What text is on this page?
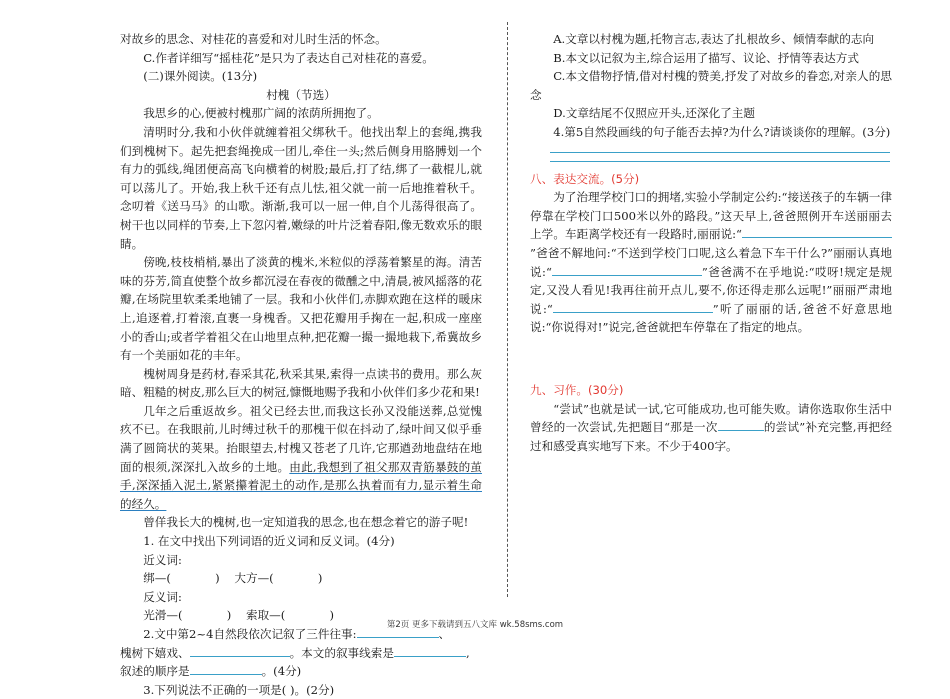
对故乡的思念、对桂花的喜爱和对儿时生活的怀念。

C.作者详细写“摇桂花”是只为了表达自己对桂花的喜爱。

(二)课外阅读。(13分)

村槐（节选）

我思乡的心,便被村槐那广阔的浓荫所拥抱了。

清明时分,我和小伙伴就缠着祖父绑秋千。他找出犁上的套绳,携我们到槐树下。起先把套绳挽成一团儿,牵住一头;然后侧身用胳膊划一个有力的弧线,绳团便高高飞向横着的树股;最后,打了结,绑了一截棍儿,就可以荡儿了。开始,我上秋千还有点儿怯,祖父就一前一后地推着秋千。念叨着《送马马》的山歌。渐渐,我可以一屈一伸,自个儿荡得很高了。树干也以同样的节奏,上下忽闪着,嫩绿的叶片泛着春阳,像无数欢乐的眼睛。

傍晚,枝枝梢梢,暴出了淡黄的槐米,米粒似的浮荡着繁星的海。清苦味的芬芳,简直使整个故乡都沉浸在春夜的微醺之中,清晨,被风摇落的花瓣,在场院里软柔柔地铺了一层。我和小伙伴们,赤脚欢跑在这样的暖床上,追逐着,打着滚,直裹一身槐香。又把花瓣用手掬在一起,积成一座座小的香山;或者学着祖父在山地里点种,把花瓣一撮一撮地栽下,希冀故乡有一个美丽如花的丰年。

槐树周身是药材,春采其花,秋采其果,索得一点读书的费用。那么灰暗、粗糙的树皮,那么巨大的树冠,慷慨地赐予我和小伙伴们多少花和果!

几年之后重返故乡。祖父已经去世,而我这长孙又没能送葬,总觉愧疚不已。在我眼前,儿时缚过秋千的那槐干似在抖动了,绿叶间又似乎垂满了圆筒状的荚果。抬眼望去,村槐又苍老了几许,它那遒劲地盘结在地面的根须,深深扎入故乡的土地。由此,我想到了祖父那双青筋暴鼓的茧手,深深插入泥土,紧紧攥着泥土的动作,是那么执着而有力,显示着生命的经久。

曾佯我长大的槐树,也一定知道我的思念,也在想念着它的游子呢!

1. 在文中找出下列词语的近义词和反义词。(4分)

近义词:

绑—(            )    大方—(            )

反义词:

光滑—(            )    索取—(            )

2.文中第2~4自然段依次记叙了三件往事:	、

槐树下嬉戏、	。本文的叙事线索是	,

叙述的顺序是	。(4分)

3.下列说法不正确的一项是( )。(2分)

A.文章以村槐为题,托物言志,表达了扎根故乡、倾情奉献的志向

B.本文以记叙为主,综合运用了描写、议论、抒情等表达方式

C.本文借物抒情,借对村槐的赞美,抒发了对故乡的眷恋,对亲人的思念

D.文章结尾不仅照应开头,还深化了主题

4.第5自然段画线的句子能否去掉?为什么?请谈谈你的理解。(3分)

八、表达交流。(5分)

为了治理学校门口的拥堵,实验小学制定公约:“接送孩子的车辆一律停靠在学校门口500米以外的路段。”这天早上,爸爸照例开车送丽丽去上学。车距离学校还有一段路时,丽丽说:“”爸爸不解地问:“不送到学校门口呢,这么着急下车干什么?”丽丽认真地说:“	”爸爸满不在乎地说:“哎呀!规定是规定,又没人看见!我再往前开点儿,要不,你还得走那么远呢!”丽丽严肃地说:“	”听了丽丽的话,爸爸不好意思地说:“你说得对!”说完,爸爸就把车停靠在了指定的地点。

九、习作。(30分)

“尝试”也就是试一试,它可能成功,也可能失败。请你选取你生活中曾经的一次尝试,先把题目“那是一次	的尝试”补充完整,再把经过和感受真实地写下来。不少于400字。

第2页 更多下载请到五八文库 wk.58sms.com
